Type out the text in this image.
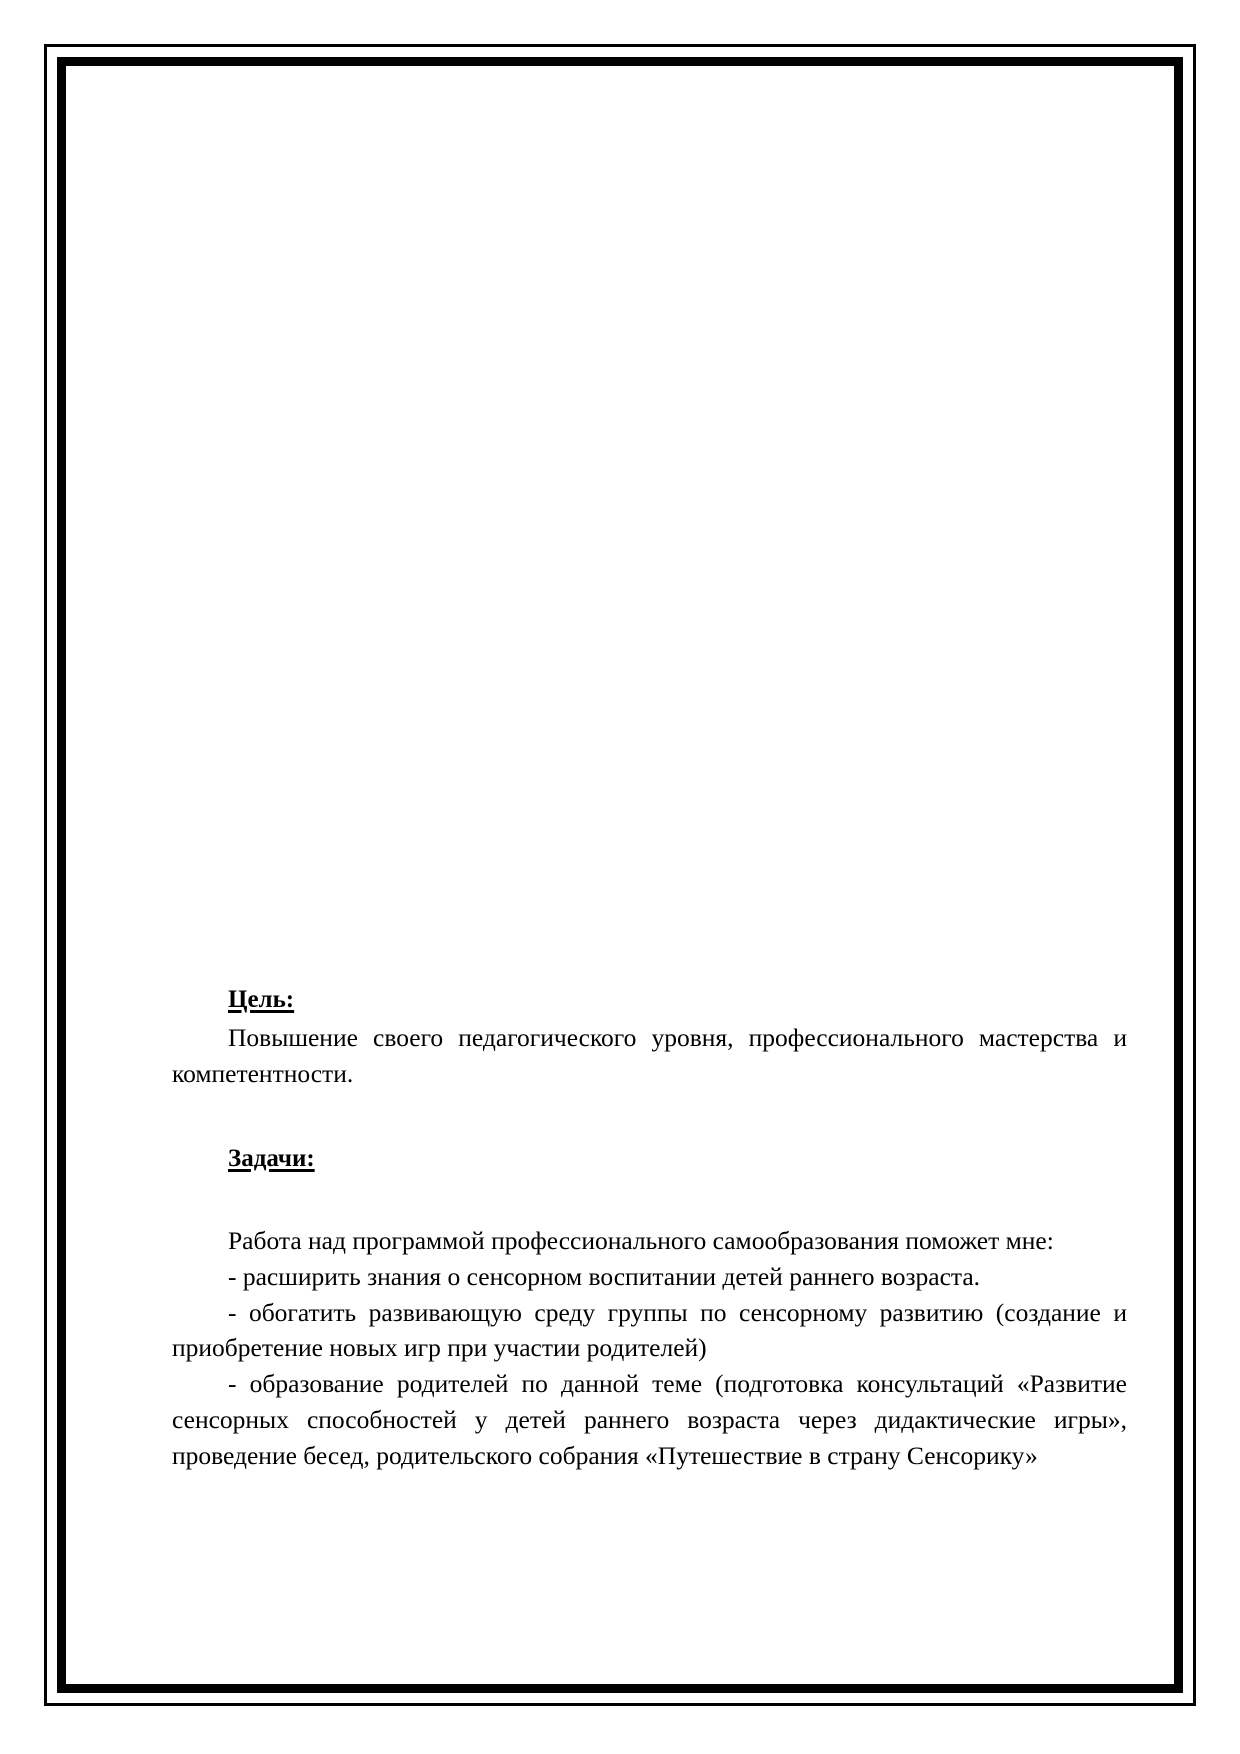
Цель:

Повышение своего педагогического уровня, профессионального мастерства и компетентности.

Задачи:

Работа над программой профессионального самообразования поможет мне:

- расширить знания о сенсорном воспитании детей раннего возраста.

- обогатить развивающую среду группы по сенсорному развитию (создание и приобретение новых игр при участии родителей)

- образование родителей по данной теме (подготовка консультаций «Развитие сенсорных способностей у детей раннего возраста через дидактические игры», проведение бесед, родительского собрания «Путешествие в страну Сенсорику»
